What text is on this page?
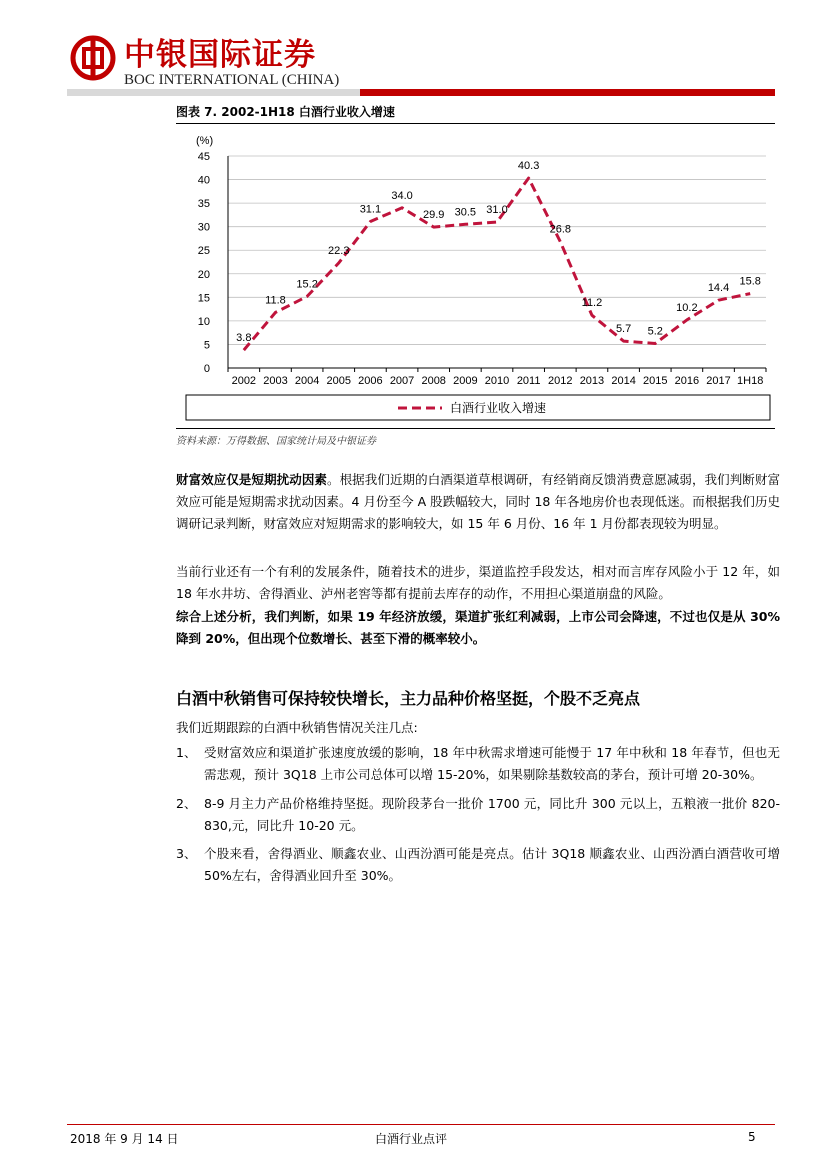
中银国际证券
BOC INTERNATIONAL (CHINA)
图表 7. 2002-1H18 白酒行业收入增速
0
5
10
15
20
25
30
35
40
45
2002 2003 2004 2005 2006 2007 2008 2009 2010 2011 2012 2013 2014 2015 2016 2017 1H18
(%)
3.8
11.8
15.2
22.3
31.1
34.0
29.9 30.5 31.0
40.3
26.8
11.2
5.7 5.2
10.2
14.4
15.8
白酒行业收入增速
资料来源：万得数据、国家统计局及中银证券
财富效应仅是短期扰动因素。根据我们近期的白酒渠道草根调研，有经销商反馈消费意愿减弱，我们判断财富效应可能是短期需求扰动因素。4 月份至今 A 股跌幅较大，同时 18 年各地房价也表现低迷。而根据我们历史调研记录判断，财富效应对短期需求的影响较大，如 15 年 6 月份、16 年 1 月份都表现较为明显。
当前行业还有一个有利的发展条件，随着技术的进步，渠道监控手段发达，相对而言库存风险小于 12 年，如 18 年水井坊、舍得酒业、泸州老窖等都有提前去库存的动作，不用担心渠道崩盘的风险。
综合上述分析，我们判断，如果 19 年经济放缓，渠道扩张红利减弱，上市公司会降速，不过也仅是从 30%降到 20%，但出现个位数增长、甚至下滑的概率较小。
白酒中秋销售可保持较快增长，主力品种价格坚挺，个股不乏亮点
我们近期跟踪的白酒中秋销售情况关注几点:
1、 受财富效应和渠道扩张速度放缓的影响，18 年中秋需求增速可能慢于 17 年中秋和 18 年春节，但也无需悲观，预计 3Q18 上市公司总体可以增 15-20%，如果剔除基数较高的茅台，预计可增 20-30%。
2、 8-9 月主力产品价格维持坚挺。现阶段茅台一批价 1700 元，同比升 300 元以上，五粮液一批价 820-830,元，同比升 10-20 元。
3、 个股来看，舍得酒业、顺鑫农业、山西汾酒可能是亮点。估计 3Q18 顺鑫农业、山西汾酒白酒营收可增 50%左右，舍得酒业回升至 30%。
2018 年 9 月 14 日	白酒行业点评	5
